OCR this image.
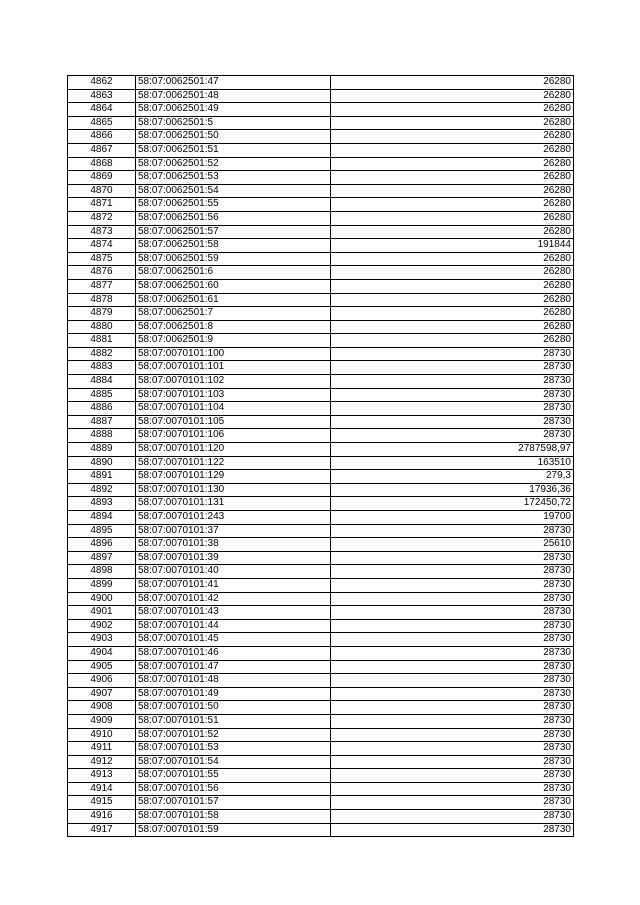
4862	58:07:0062501:47	26280
4863	58:07:0062501:48	26280
4864	58:07:0062501:49	26280
4865	58:07:0062501:5	26280
4866	58:07:0062501:50	26280
4867	58:07:0062501:51	26280
4868	58:07:0062501:52	26280
4869	58:07:0062501:53	26280
4870	58:07:0062501:54	26280
4871	58:07:0062501:55	26280
4872	58:07:0062501:56	26280
4873	58:07:0062501:57	26280
4874	58:07:0062501:58	191844
4875	58:07:0062501:59	26280
4876	58:07:0062501:6	26280
4877	58:07:0062501:60	26280
4878	58:07:0062501:61	26280
4879	58:07:0062501:7	26280
4880	58:07:0062501:8	26280
4881	58:07:0062501:9	26280
4882	58:07:0070101:100	28730
4883	58:07:0070101:101	28730
4884	58:07:0070101:102	28730
4885	58:07:0070101:103	28730
4886	58:07:0070101:104	28730
4887	58:07:0070101:105	28730
4888	58:07:0070101:106	28730
4889	58:07:0070101:120	2787598,97
4890	58:07:0070101:122	163510
4891	58:07:0070101:129	279,3
4892	58:07:0070101:130	17936,36
4893	58:07:0070101:131	172450,72
4894	58:07:0070101:243	19700
4895	58:07:0070101:37	28730
4896	58:07:0070101:38	25610
4897	58:07:0070101:39	28730
4898	58:07:0070101:40	28730
4899	58:07:0070101:41	28730
4900	58:07:0070101:42	28730
4901	58:07:0070101:43	28730
4902	58:07:0070101:44	28730
4903	58:07:0070101:45	28730
4904	58:07:0070101:46	28730
4905	58:07:0070101:47	28730
4906	58:07:0070101:48	28730
4907	58:07:0070101:49	28730
4908	58:07:0070101:50	28730
4909	58:07:0070101:51	28730
4910	58:07:0070101:52	28730
4911	58:07:0070101:53	28730
4912	58:07:0070101:54	28730
4913	58:07:0070101:55	28730
4914	58:07:0070101:56	28730
4915	58:07:0070101:57	28730
4916	58:07:0070101:58	28730
4917	58:07:0070101:59	28730
